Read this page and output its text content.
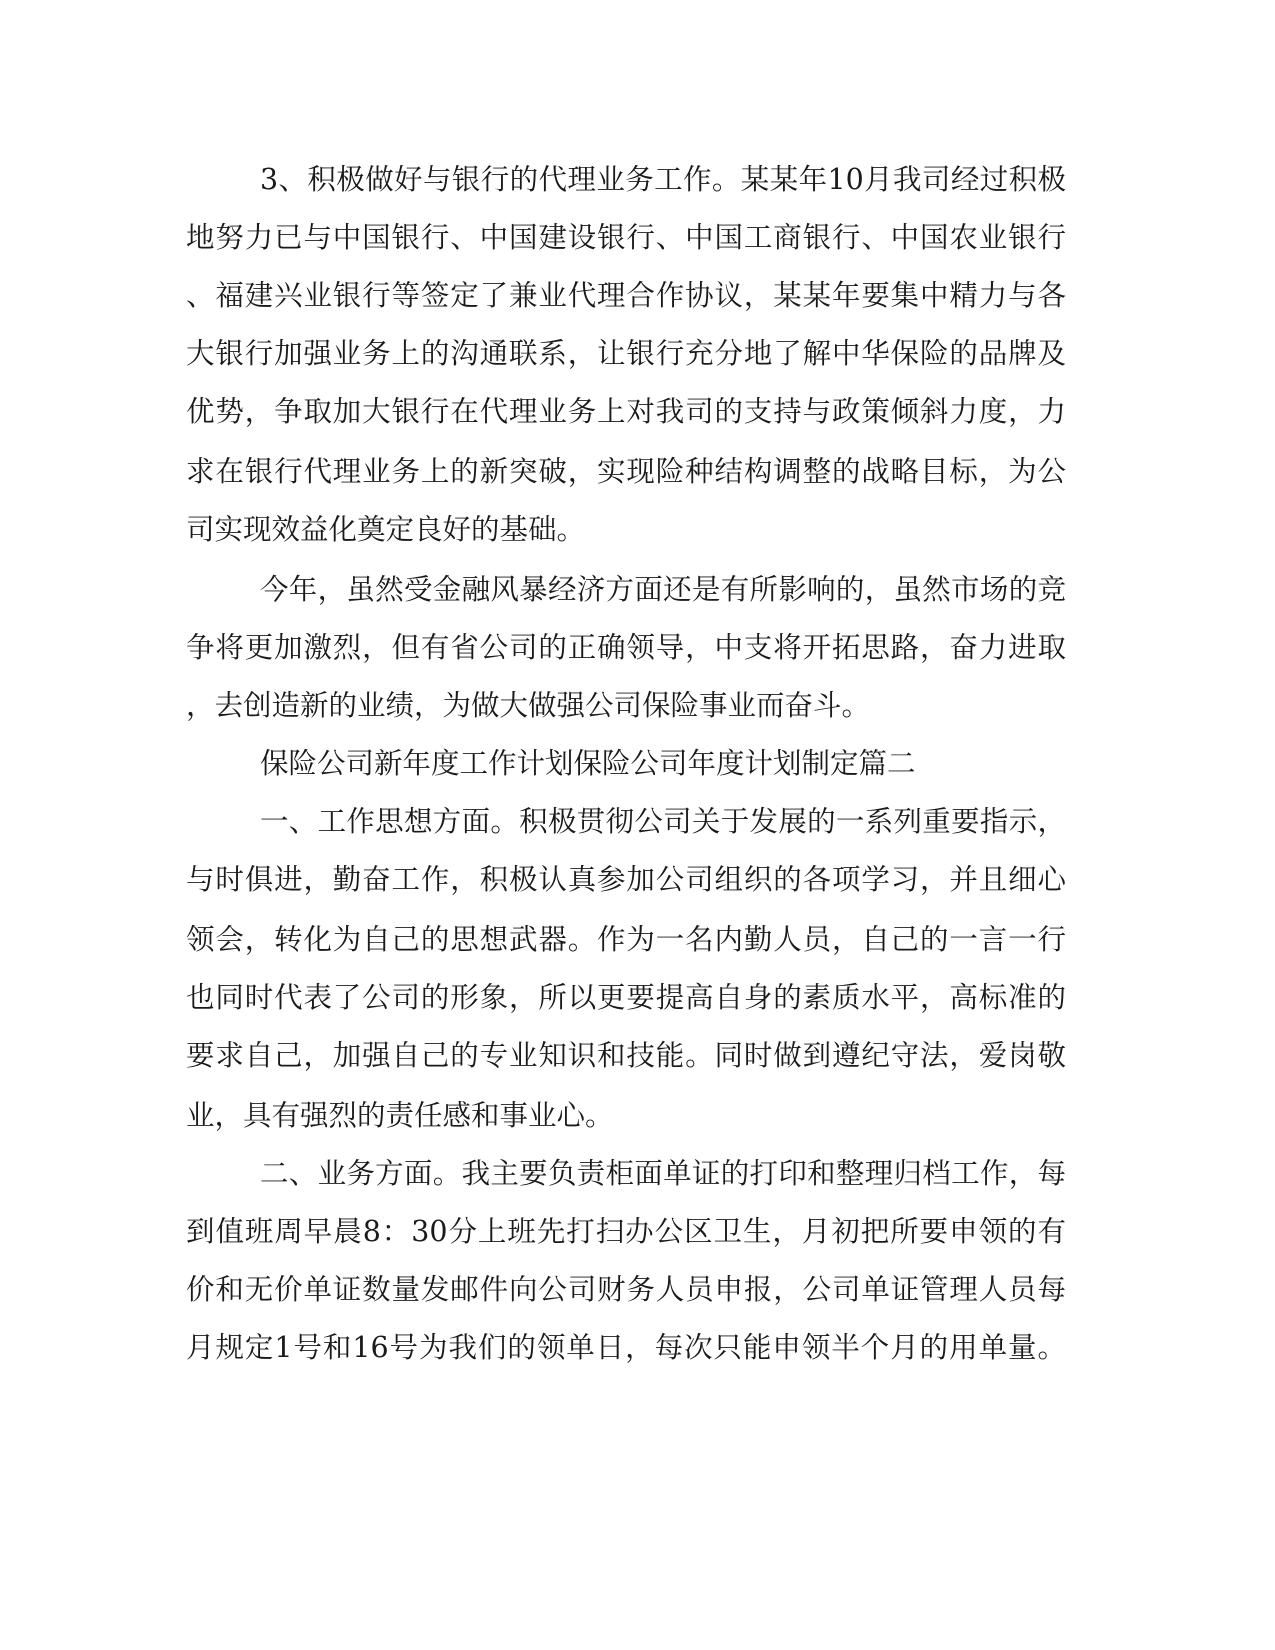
3、积极做好与银行的代理业务工作。某某年10月我司经过积极
地努力已与中国银行、中国建设银行、中国工商银行、中国农业银行
、福建兴业银行等签定了兼业代理合作协议，某某年要集中精力与各
大银行加强业务上的沟通联系，让银行充分地了解中华保险的品牌及
优势，争取加大银行在代理业务上对我司的支持与政策倾斜力度，力
求在银行代理业务上的新突破，实现险种结构调整的战略目标，为公
司实现效益化奠定良好的基础。
今年，虽然受金融风暴经济方面还是有所影响的，虽然市场的竞
争将更加激烈，但有省公司的正确领导，中支将开拓思路，奋力进取
，去创造新的业绩，为做大做强公司保险事业而奋斗。
保险公司新年度工作计划保险公司年度计划制定篇二
一、工作思想方面。积极贯彻公司关于发展的一系列重要指示，
与时俱进，勤奋工作，积极认真参加公司组织的各项学习，并且细心
领会，转化为自己的思想武器。作为一名内勤人员，自己的一言一行
也同时代表了公司的形象，所以更要提高自身的素质水平，高标准的
要求自己，加强自己的专业知识和技能。同时做到遵纪守法，爱岗敬
业，具有强烈的责任感和事业心。
二、业务方面。我主要负责柜面单证的打印和整理归档工作，每
到值班周早晨8：30分上班先打扫办公区卫生，月初把所要申领的有
价和无价单证数量发邮件向公司财务人员申报，公司单证管理人员每
月规定1号和16号为我们的领单日，每次只能申领半个月的用单量。
